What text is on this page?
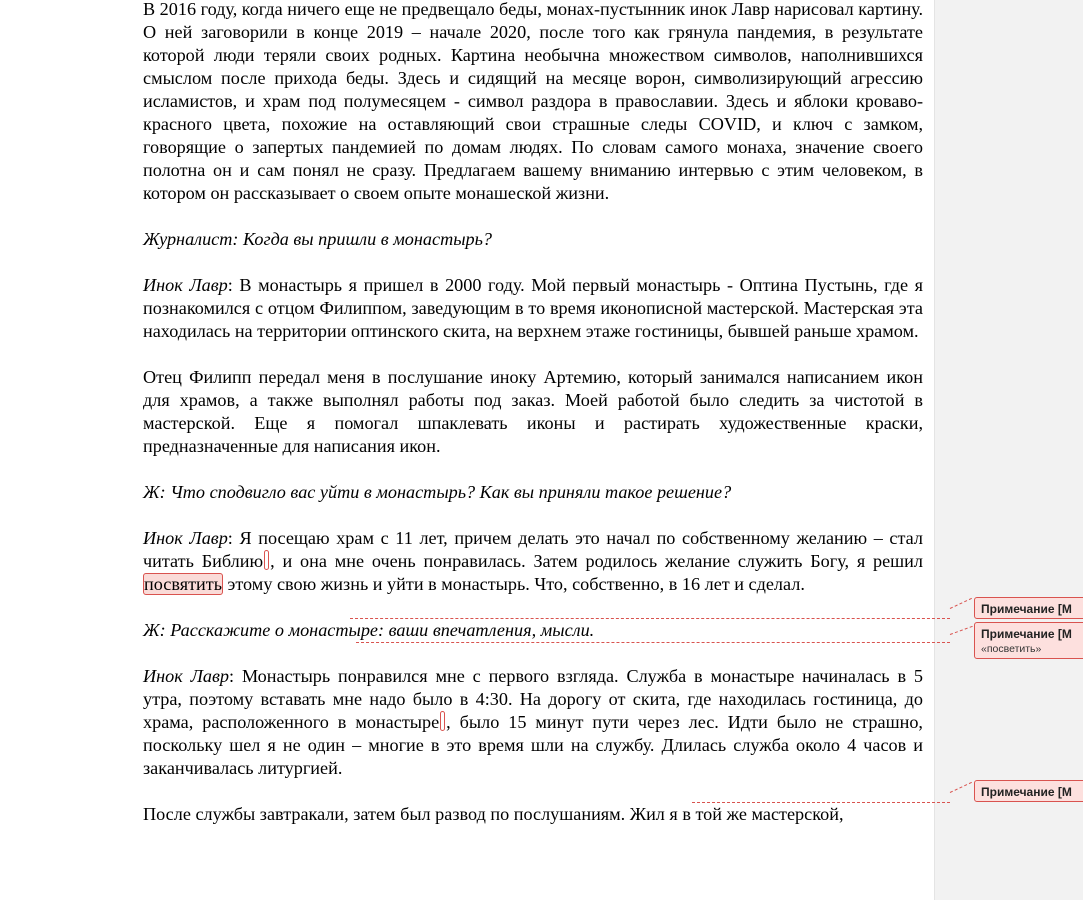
В 2016 году, когда ничего еще не предвещало беды, монах-пустынник инок Лавр нарисовал картину. О ней заговорили в конце 2019 – начале 2020, после того как грянула пандемия, в результате которой люди теряли своих родных. Картина необычна множеством символов, наполнившихся смыслом после прихода беды. Здесь и сидящий на месяце ворон, символизирующий агрессию исламистов, и храм под полумесяцем - символ раздора в православии. Здесь и яблоки кроваво-красного цвета, похожие на оставляющий свои страшные следы COVID, и ключ с замком, говорящие о запертых пандемией по домам людях. По словам самого монаха, значение своего полотна он и сам понял не сразу. Предлагаем вашему вниманию интервью с этим человеком, в котором он рассказывает о своем опыте монашеской жизни.

Журналист: Когда вы пришли в монастырь?

Инок Лавр: В монастырь я пришел в 2000 году. Мой первый монастырь - Оптина Пустынь, где я познакомился с отцом Филиппом, заведующим в то время иконописной мастерской. Мастерская эта находилась на территории оптинского скита, на верхнем этаже гостиницы, бывшей раньше храмом.

Отец Филипп передал меня в послушание иноку Артемию, который занимался написанием икон для храмов, а также выполнял работы под заказ. Моей работой было следить за чистотой в мастерской. Еще я помогал шпаклевать иконы и растирать художественные краски, предназначенные для написания икон.

Ж: Что сподвигло вас уйти в монастырь? Как вы приняли такое решение?

Инок Лавр: Я посещаю храм с 11 лет, причем делать это начал по собственному желанию – стал читать Библию , и она мне очень понравилась. Затем родилось желание служить Богу, я решил посвятить этому свою жизнь и уйти в монастырь. Что, собственно, в 16 лет и сделал.

Ж: Расскажите о монастыре: ваши впечатления, мысли.

Инок Лавр: Монастырь понравился мне с первого взгляда. Служба в монастыре начиналась в 5 утра, поэтому вставать мне надо было в 4:30. На дорогу от скита, где находилась гостиница, до храма, расположенного в монастыре , было 15 минут пути через лес. Идти было не страшно, поскольку шел я не один – многие в это время шли на службу. Длилась служба около 4 часов и заканчивалась литургией.

После службы завтракали, затем был развод по послушаниям. Жил я в той же мастерской,

Примечание [M
Примечание [M
«посветить»
Примечание [M
